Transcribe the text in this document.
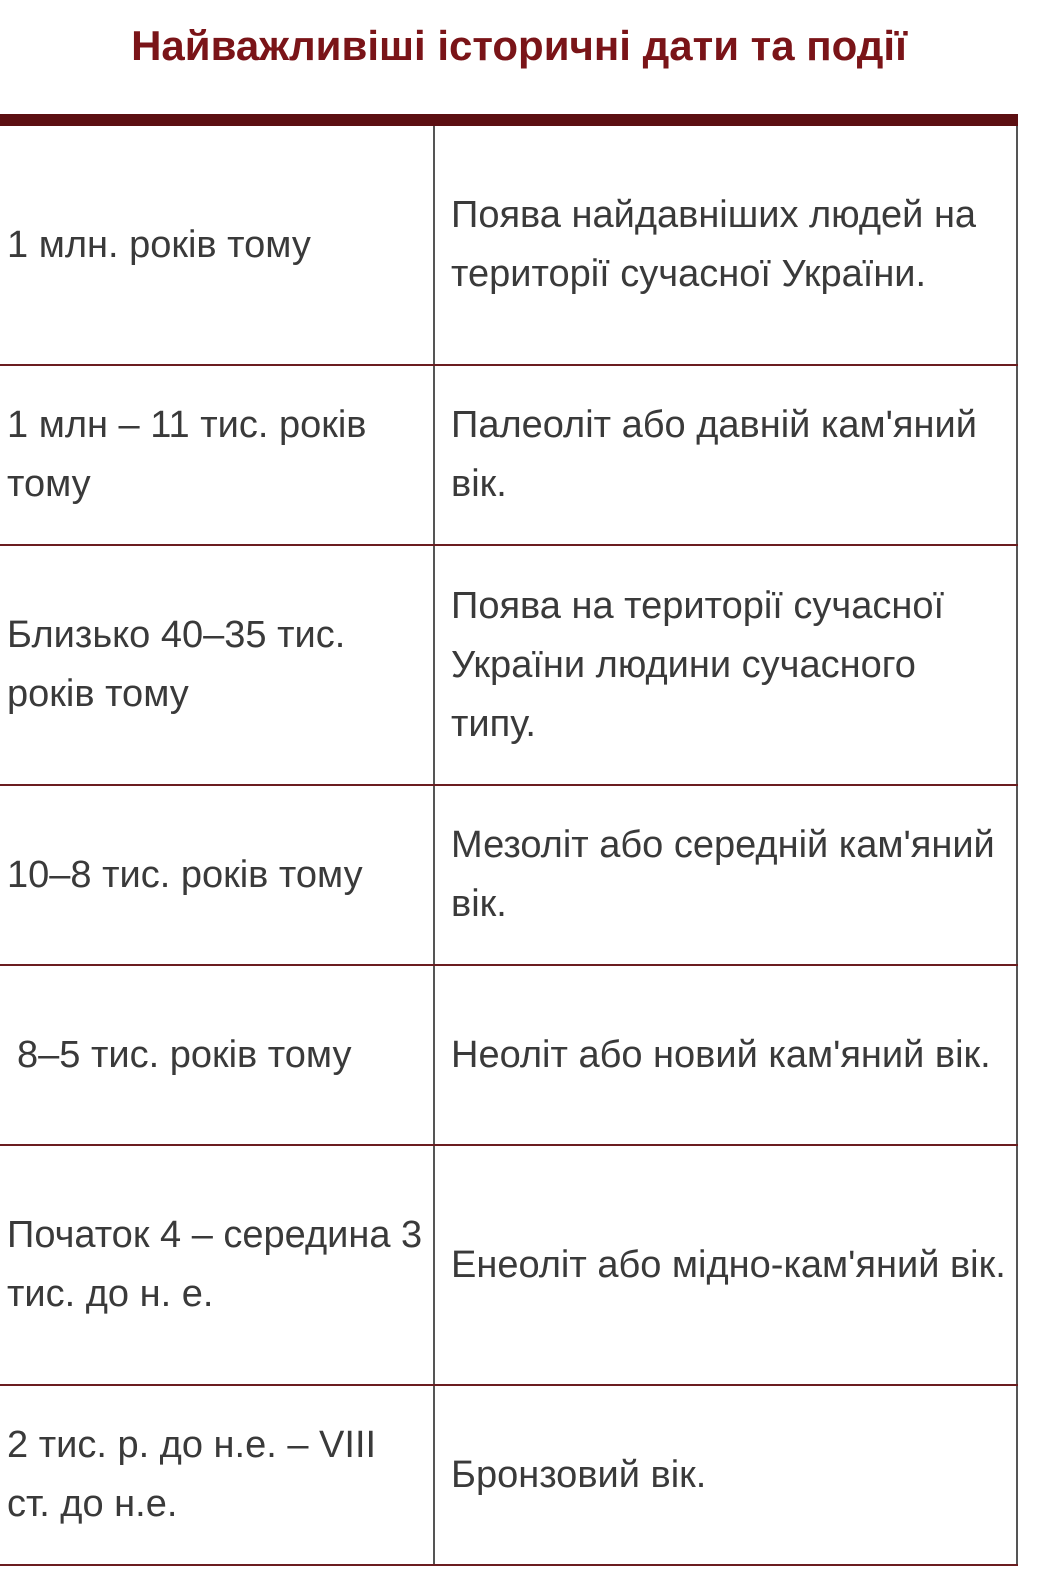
Найважливіші історичні дати та події
1 млн. років тому	Поява найдавніших людей на території сучасної України.
1 млн – 11 тис. років тому	Палеоліт або давній кам'яний вік.
Близько 40–35 тис. років тому	Поява на території сучасної України людини сучасного типу.
10–8 тис. років тому	Мезоліт або середній кам'яний вік.
8–5 тис. років тому	Неоліт або новий кам'яний вік.
Початок 4 – середина 3 тис. до н. е.	Енеоліт або мідно-кам'яний вік.
2 тис. р. до н.е. – VIII ст. до н.е.	Бронзовий вік.
